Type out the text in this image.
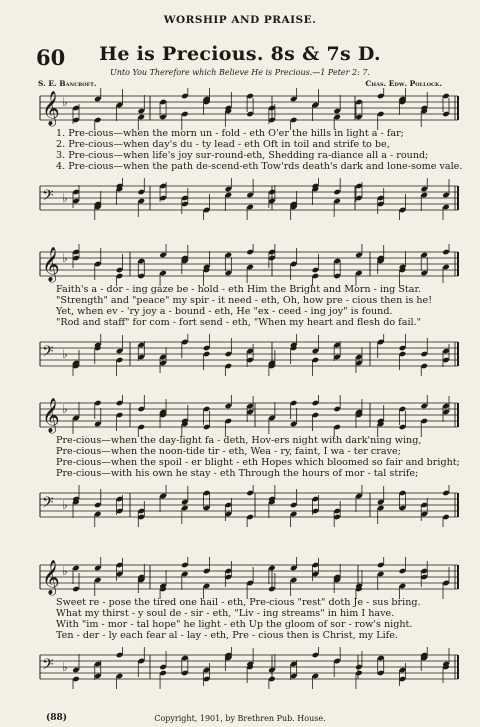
WORSHIP AND PRAISE.
60	He is Precious. 8s & 7s D.
Unto You Therefore which Believe He is Precious.—1 Peter 2: 7.
S. E. Bancroft.	Chas. Edw. Pollock.
𝄞 ♭
1. Pre-cious—when the morn un - fold - eth O'er the hills in light a - far;
2. Pre-cious—when day's du - ty lead - eth Oft in toil and strife to be,
3. Pre-cious—when life's joy sur-round-eth, Shedding ra-diance all a - round;
4. Pre-cious—when the path de-scend-eth Tow'rds death's dark and lone-some vale.
𝄢 ♭
𝄞 ♭
Faith's a - dor - ing gaze be - hold - eth Him the Bright and Morn - ing Star.
"Strength" and "peace" my spir - it need - eth, Oh, how pre - cious then is he!
Yet, when ev - 'ry joy a - bound - eth, He "ex - ceed - ing joy" is found.
"Rod and staff" for com - fort send - eth, "When my heart and flesh do fail."
𝄢 ♭
𝄞 ♭
Pre-cious—when the day-light fa - deth, Hov-ers night with dark'ning wing,
Pre-cious—when the noon-tide tir - eth, Wea - ry, faint, I wa - ter crave;
Pre-cious—when the spoil - er blight - eth Hopes which bloomed so fair and bright;
Pre-cious—with his own he stay - eth Through the hours of mor - tal strife;
𝄢 ♭
𝄞 ♭
Sweet re - pose the tired one hail - eth, Pre-cious "rest" doth Je - sus bring.
What my thirst - y soul de - sir - eth, "Liv - ing streams" in him I have.
With "im - mor - tal hope" he light - eth Up the gloom of sor - row's night.
Ten - der - ly each fear al - lay - eth, Pre - cious then is Christ, my Life.
𝄢 ♭
(88)	Copyright, 1901, by Brethren Pub. House.
